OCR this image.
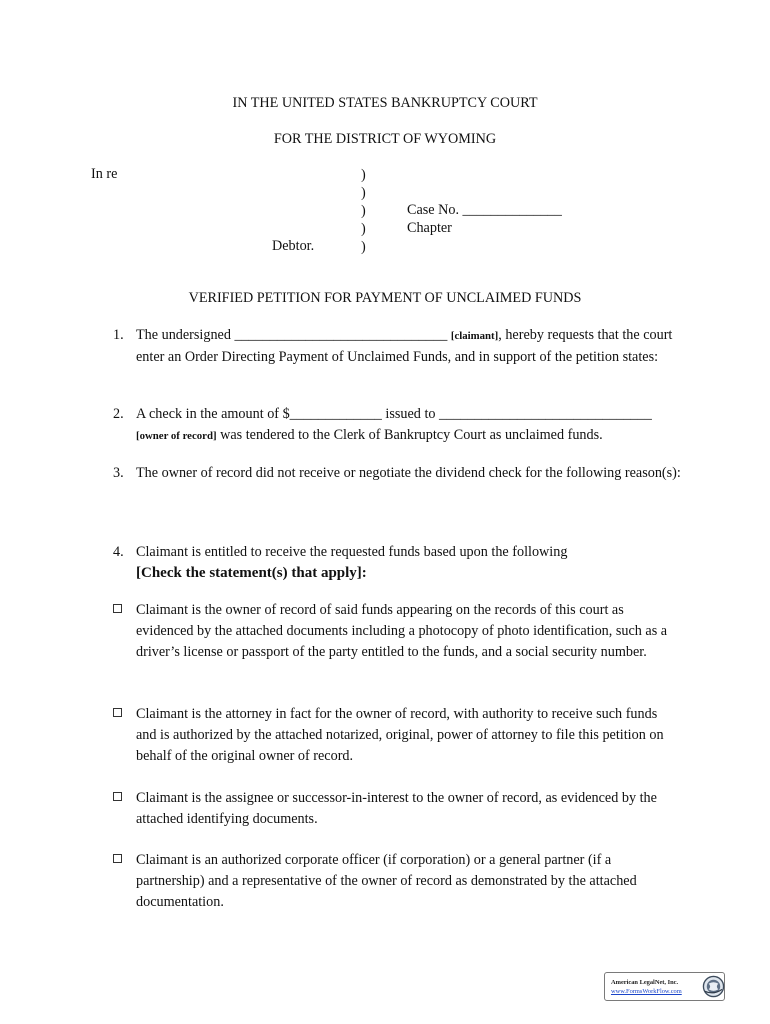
IN THE UNITED STATES BANKRUPTCY COURT
FOR THE DISTRICT OF WYOMING
In re	)
)
)
)
)
Case No. ______________
Chapter
Debtor.
VERIFIED PETITION FOR PAYMENT OF UNCLAIMED FUNDS
1. The undersigned ______________________________ [claimant], hereby requests that the court enter an Order Directing Payment of Unclaimed Funds, and in support of the petition states:
2. A check in the amount of $_____________ issued to ______________________________ [owner of record] was tendered to the Clerk of Bankruptcy Court as unclaimed funds.
3. The owner of record did not receive or negotiate the dividend check for the following reason(s):
4. Claimant is entitled to receive the requested funds based upon the following
[Check the statement(s) that apply]:
Claimant is the owner of record of said funds appearing on the records of this court as evidenced by the attached documents including a photocopy of photo identification, such as a driver’s license or passport of the party entitled to the funds, and a social security number.
Claimant is the attorney in fact for the owner of record, with authority to receive such funds and is authorized by the attached notarized, original, power of attorney to file this petition on behalf of the original owner of record.
Claimant is the assignee or successor-in-interest to the owner of record, as evidenced by the attached identifying documents.
Claimant is an authorized corporate officer (if corporation) or a general partner (if a partnership) and a representative of the owner of record as demonstrated by the attached documentation.
American LegalNet, Inc.
www.FormsWorkFlow.com
